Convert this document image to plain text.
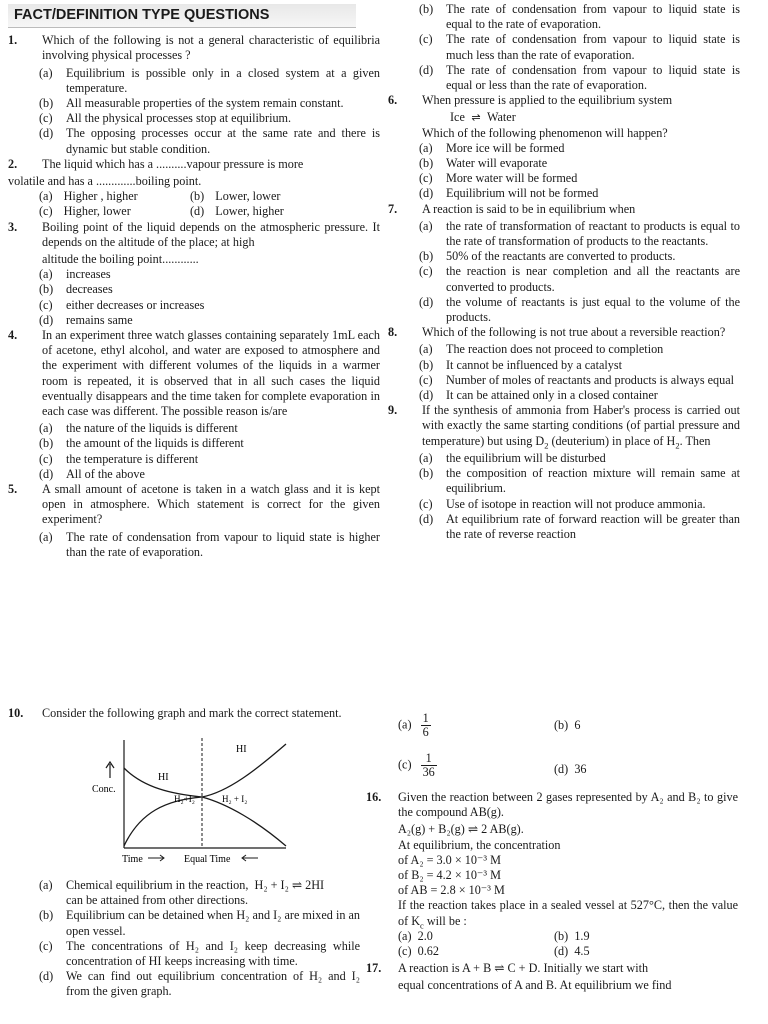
FACT/DEFINITION TYPE QUESTIONS
1.	Which of the following is not a general characteristic of equilibria involving physical processes ?
(a) Equilibrium is possible only in a closed system at a given temperature.
(b) All measurable properties of the system remain constant.
(c) All the physical processes stop at equilibrium.
(d) The opposing processes occur at the same rate and there is dynamic but stable condition.
2.	The liquid which has a ..........vapour pressure is more
volatile and has a .............boiling point.
(a) Higher , higher	(b) Lower, lower
(c) Higher, lower	(d) Lower, higher
3.	Boiling point of the liquid depends on the atmospheric pressure. It depends on the altitude of the place; at high
altitude the boiling point............
(a) increases
(b) decreases
(c) either decreases or increases
(d) remains same
4.	In an experiment three watch glasses containing separately 1mL each of acetone, ethyl alcohol, and water are exposed to atmosphere and the experiment with different volumes of the liquids in a warmer room is repeated, it is observed that in all such cases the liquid eventually disappears and the time taken for complete evaporation in each case was different. The possible reason is/are
(a) the nature of the liquids is different
(b) the amount of the liquids is different
(c) the temperature is different
(d) All of the above
5.	A small amount of acetone is taken in a watch glass and it is kept open in atmosphere. Which statement is correct for the given experiment?
(a) The rate of condensation from vapour to liquid state is higher than the rate of evaporation.
(b) The rate of condensation from vapour to liquid state is equal to the rate of evaporation.
(c) The rate of condensation from vapour to liquid state is much less than the rate of evaporation.
(d) The rate of condensation from vapour to liquid state is equal or less than the rate of evaporation.
6.	When pressure is applied to the equilibrium system
Ice  ⇌  Water
Which of the following phenomenon will happen?
(a) More ice will be formed
(b) Water will evaporate
(c) More water will be formed
(d) Equilibrium will not be formed
7.	A reaction is said to be in equilibrium when
(a) the rate of transformation of reactant to products is equal to the rate of transformation of products to the reactants.
(b) 50% of the reactants are converted to products.
(c) the reaction is near completion and all the reactants are converted to products.
(d) the volume of reactants is just equal to the volume of the products.
8.	Which of the following is not true about a reversible reaction?
(a) The reaction does not proceed to completion
(b) It cannot be influenced by a catalyst
(c) Number of moles of reactants and products is always equal
(d) It can be attained only in a closed container
9.	If the synthesis of ammonia from Haber's process is carried out with exactly the same starting conditions (of partial pressure and temperature) but using $D_2$ (deuterium) in place of $H_2$. Then
(a) the equilibrium will be disturbed
(b) the composition of reaction mixture will remain same at equilibrium.
(c) Use of isotope in reaction will not produce ammonia.
(d) At equilibrium rate of forward reaction will be greater than the rate of reverse reaction
10.	Consider the following graph and mark the correct statement.
HI
HI
H₂+I₂	H₂ + I₂
Conc.
Time	Equal Time
(a) Chemical equilibrium in the reaction, H₂ + I₂ ⇌ 2HI
can be attained from other directions.
(b) Equilibrium can be detained when H₂ and I₂ are mixed in an open vessel.
(c) The concentrations of H₂ and I₂ keep decreasing while concentration of HI keeps increasing with time.
(d) We can find out equilibrium concentration of H₂ and I₂ from the given graph.
$(a) \frac{1}{6}$	(b)  6
$(c) \frac{1}{36}$	(d)  36
16.	Given the reaction between 2 gases represented by A₂ and B₂ to give the compound AB(g).
A₂(g) + B₂(g) ⇌ 2 AB(g).
At equilibrium, the concentration
of A₂ = 3.0 × 10⁻³ M
of B₂ = 4.2 × 10⁻³ M
of AB = 2.8 × 10⁻³ M
If the reaction takes place in a sealed vessel at 527°C, then the value of $K_c$ will be :
(a)  2.0	(b)  1.9
(c)  0.62	(d)  4.5
17.	A reaction is A + B ⇌ C + D. Initially we start with
equal concentrations of A and B. At equilibrium we find
